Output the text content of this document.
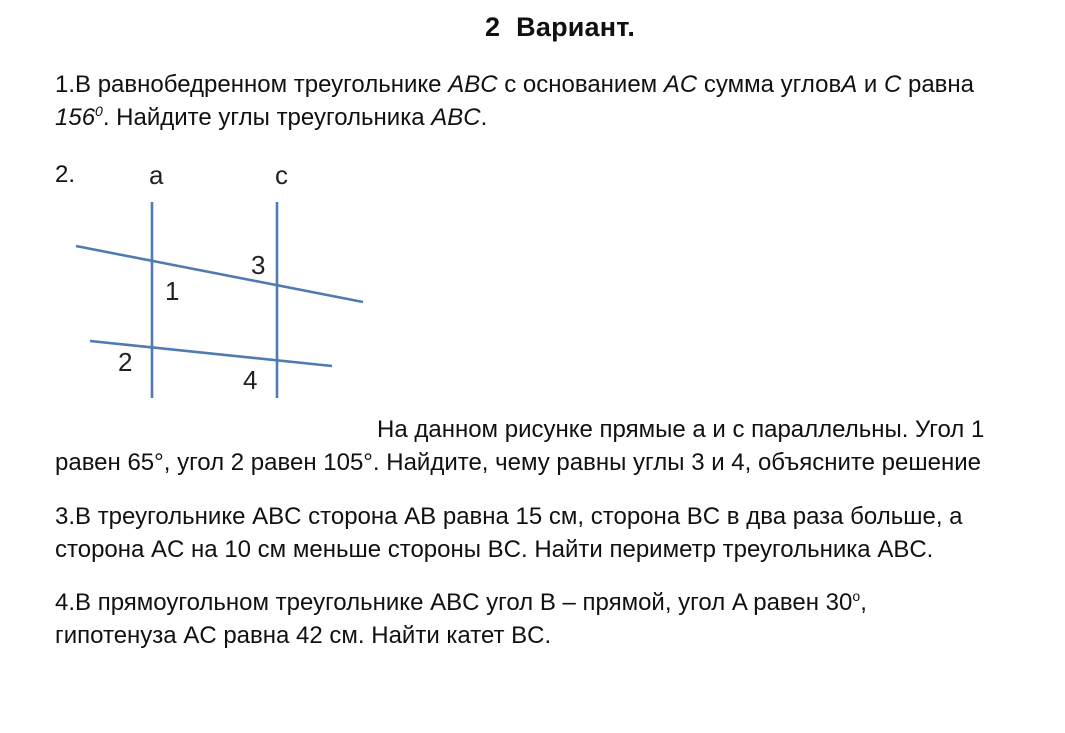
2 Вариант.
1.В равнобедренном треугольнике ABC с основанием AC сумма угловA и C равна
$156^0$. Найдите углы треугольника ABC.
2.	a	c
1
2
3
4
На данном рисунке прямые а и с параллельны. Угол 1
равен 65°, угол 2 равен 105°. Найдите, чему равны углы 3 и 4, объясните решение
3.В треугольнике ABC сторона AB равна 15 см, сторона BC в два раза больше, а
сторона AC на 10 см меньше стороны BC. Найти периметр треугольника ABC.
4.В прямоугольном треугольнике ABC угол B – прямой, угол A равен 30$^o$,
гипотенуза AC равна 42 см. Найти катет BC.
